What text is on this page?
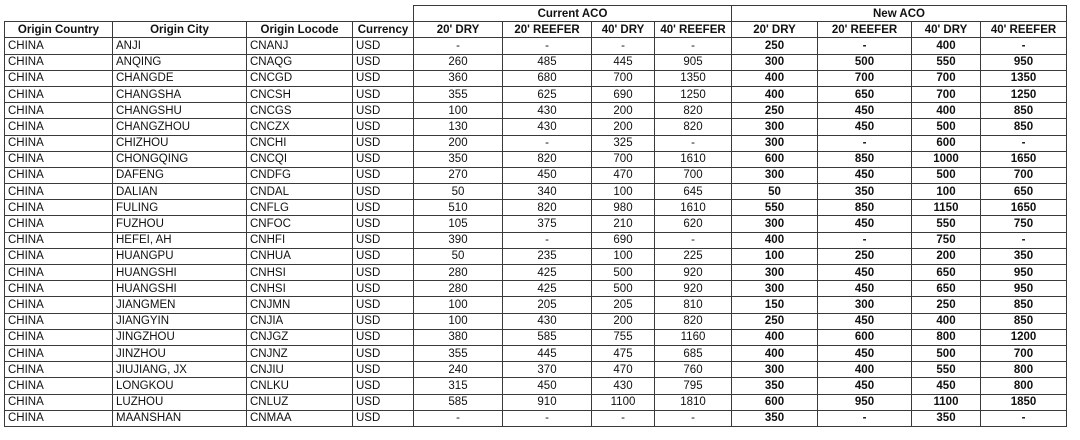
				Current ACO				New ACO			
Origin Country	Origin City	Origin Locode	Currency	20' DRY	20' REEFER	40' DRY	40' REEFER	20' DRY	20' REEFER	40' DRY	40' REEFER
CHINA	ANJI	CNANJ	USD	-	-	-	-	250	-	400	-
CHINA	ANQING	CNAQG	USD	260	485	445	905	300	500	550	950
CHINA	CHANGDE	CNCGD	USD	360	680	700	1350	400	700	700	1350
CHINA	CHANGSHA	CNCSH	USD	355	625	690	1250	400	650	700	1250
CHINA	CHANGSHU	CNCGS	USD	100	430	200	820	250	450	400	850
CHINA	CHANGZHOU	CNCZX	USD	130	430	200	820	300	450	500	850
CHINA	CHIZHOU	CNCHI	USD	200	-	325	-	300	-	600	-
CHINA	CHONGQING	CNCQI	USD	350	820	700	1610	600	850	1000	1650
CHINA	DAFENG	CNDFG	USD	270	450	470	700	300	450	500	700
CHINA	DALIAN	CNDAL	USD	50	340	100	645	50	350	100	650
CHINA	FULING	CNFLG	USD	510	820	980	1610	550	850	1150	1650
CHINA	FUZHOU	CNFOC	USD	105	375	210	620	300	450	550	750
CHINA	HEFEI, AH	CNHFI	USD	390	-	690	-	400	-	750	-
CHINA	HUANGPU	CNHUA	USD	50	235	100	225	100	250	200	350
CHINA	HUANGSHI	CNHSI	USD	280	425	500	920	300	450	650	950
CHINA	HUANGSHI	CNHSI	USD	280	425	500	920	300	450	650	950
CHINA	JIANGMEN	CNJMN	USD	100	205	205	810	150	300	250	850
CHINA	JIANGYIN	CNJIA	USD	100	430	200	820	250	450	400	850
CHINA	JINGZHOU	CNJGZ	USD	380	585	755	1160	400	600	800	1200
CHINA	JINZHOU	CNJNZ	USD	355	445	475	685	400	450	500	700
CHINA	JIUJIANG, JX	CNJIU	USD	240	370	470	760	300	400	550	800
CHINA	LONGKOU	CNLKU	USD	315	450	430	795	350	450	450	800
CHINA	LUZHOU	CNLUZ	USD	585	910	1100	1810	600	950	1100	1850
CHINA	MAANSHAN	CNMAA	USD	-	-	-	-	350	-	350	-
